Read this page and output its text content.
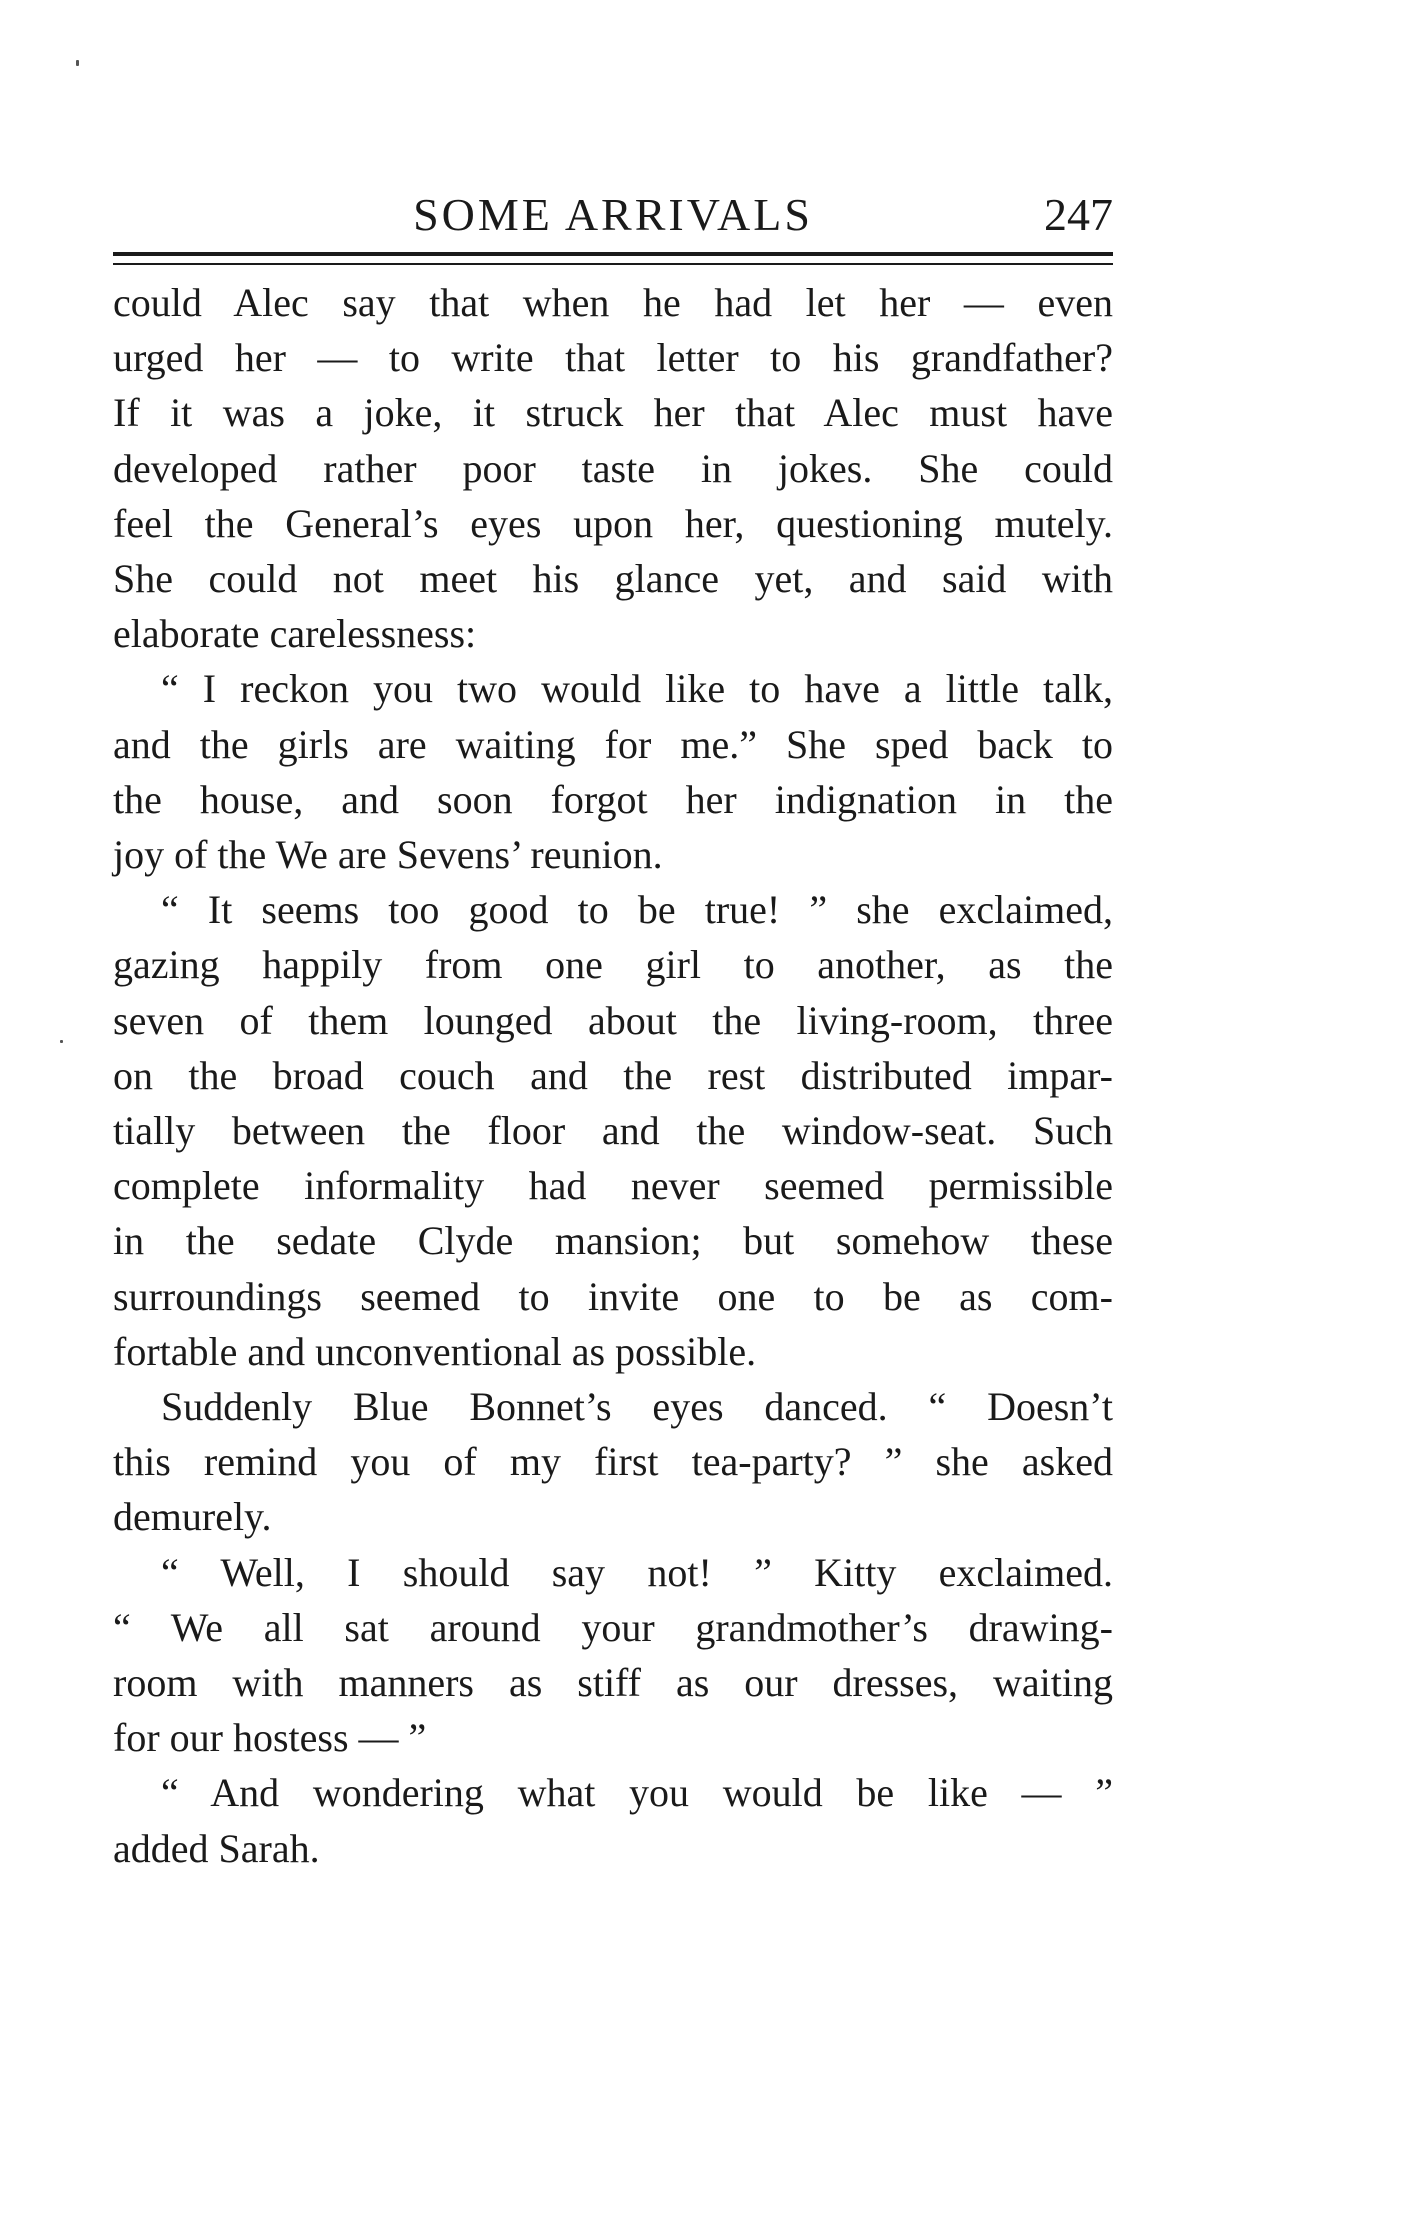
SOME ARRIVALS	247
could Alec say that when he had let her — even
urged her — to write that letter to his grandfather?
If it was a joke, it struck her that Alec must have
developed rather poor taste in jokes. She could
feel the General’s eyes upon her, questioning mutely.
She could not meet his glance yet, and said with
elaborate carelessness:
“ I reckon you two would like to have a little talk,
and the girls are waiting for me.” She sped back to
the house, and soon forgot her indignation in the
joy of the We are Sevens’ reunion.
“ It seems too good to be true! ” she exclaimed,
gazing happily from one girl to another, as the
seven of them lounged about the living-room, three
on the broad couch and the rest distributed impar-
tially between the floor and the window-seat. Such
complete informality had never seemed permissible
in the sedate Clyde mansion; but somehow these
surroundings seemed to invite one to be as com-
fortable and unconventional as possible.
Suddenly Blue Bonnet’s eyes danced. “ Doesn’t
this remind you of my first tea-party? ” she asked
demurely.
“ Well, I should say not! ” Kitty exclaimed.
“ We all sat around your grandmother’s drawing-
room with manners as stiff as our dresses, waiting
for our hostess — ”
“ And wondering what you would be like — ”
added Sarah.
